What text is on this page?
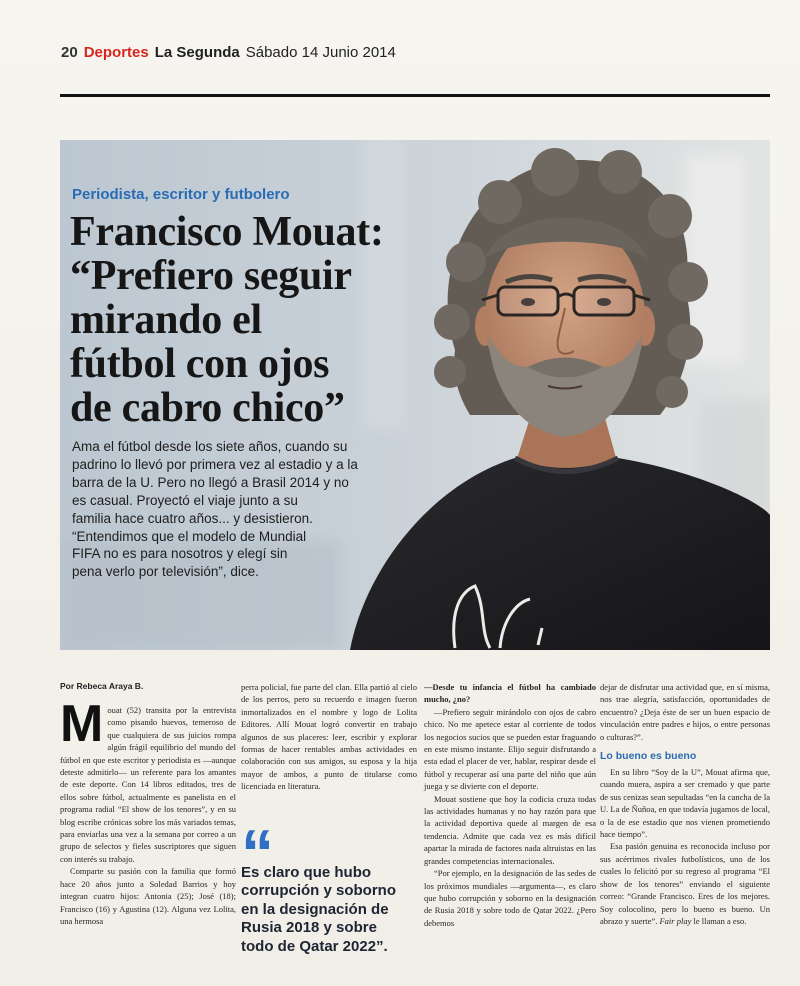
20 Deportes La Segunda Sábado 14 Junio 2014
Periodista, escritor y futbolero
Francisco Mouat:
“Prefiero seguir
mirando el
fútbol con ojos
de cabro chico”
Ama el fútbol desde los siete años, cuando su
padrino lo llevó por primera vez al estadio y a la
barra de la U. Pero no llegó a Brasil 2014 y no
es casual. Proyectó el viaje junto a su
familia hace cuatro años... y desistieron.
“Entendimos que el modelo de Mundial
FIFA no es para nosotros y elegí sin
pena verlo por televisión”, dice.
Por Rebeca Araya B.

Mouat (52) transita por la entrevista como pisando huevos, temeroso de que cualquiera de sus juicios rompa algún frágil equilibrio del mundo del fútbol en que este escritor y periodista es —aunque deteste admitirlo— un referente para los amantes de este deporte. Con 14 libros editados, tres de ellos sobre fútbol, actualmente es panelista en el programa radial “El show de los tenores”, y en su blog escribe crónicas sobre los más variados temas, para enviarlas una vez a la semana por correo a un grupo de selectos y fieles suscriptores que siguen con interés su trabajo.

Comparte su pasión con la familia que formó hace 20 años junto a Soledad Barrios y hoy integran cuatro hijos: Antonia (25); José (18); Francisco (16) y Agustina (12). Alguna vez Lolita, una hermosa

perra policial, fue parte del clan. Ella partió al cielo de los perros, pero su recuerdo e imagen fueron inmortalizados en el nombre y logo de Lolita Editores. Allí Mouat logró convertir en trabajo algunos de sus placeres: leer, escribir y explorar formas de hacer rentables ambas actividades en colaboración con sus amigos, su esposa y la hija mayor de ambos, a punto de titularse como licenciada en literatura.

“
Es claro que hubo
corrupción y soborno
en la designación de
Rusia 2018 y sobre
todo de Qatar 2022”.

—Desde tu infancia el fútbol ha cambiado mucho, ¿no?

—Prefiero seguir mirándolo con ojos de cabro chico. No me apetece estar al corriente de todos los negocios sucios que se pueden estar fraguando en este mismo instante. Elijo seguir disfrutando a esta edad el placer de ver, hablar, respirar desde el fútbol y recuperar así una parte del niño que aún juega y se divierte con el deporte.

Mouat sostiene que hoy la codicia cruza todas las actividades humanas y no hay razón para que la actividad deportiva quede al margen de esa tendencia. Admite que cada vez es más difícil apartar la mirada de factores nada altruistas en las grandes competencias internacionales.

“Por ejemplo, en la designación de las sedes de los próximos mundiales —argumenta—, es claro que hubo corrupción y soborno en la designación de Rusia 2018 y sobre todo de Qatar 2022. ¿Pero debemos

dejar de disfrutar una actividad que, en sí misma, nos trae alegría, satisfacción, oportunidades de encuentro? ¿Deja éste de ser un buen espacio de vinculación entre padres e hijos, o entre personas o culturas?”.

Lo bueno es bueno

En su libro “Soy de la U”, Mouat afirma que, cuando muera, aspira a ser cremado y que parte de sus cenizas sean sepultadas “en la cancha de la U. La de Ñuñoa, en que todavía jugamos de local, o la de ese estadio que nos vienen prometiendo hace tiempo”.

Esa pasión genuina es reconocida incluso por sus acérrimos rivales futbolísticos, uno de los cuales lo felicitó por su regreso al programa “El show de los tenores” enviando el siguiente correo: “Grande Francisco. Eres de los mejores. Soy colocolino, pero lo bueno es bueno. Un abrazo y suerte”. Fair play le llaman a eso.
